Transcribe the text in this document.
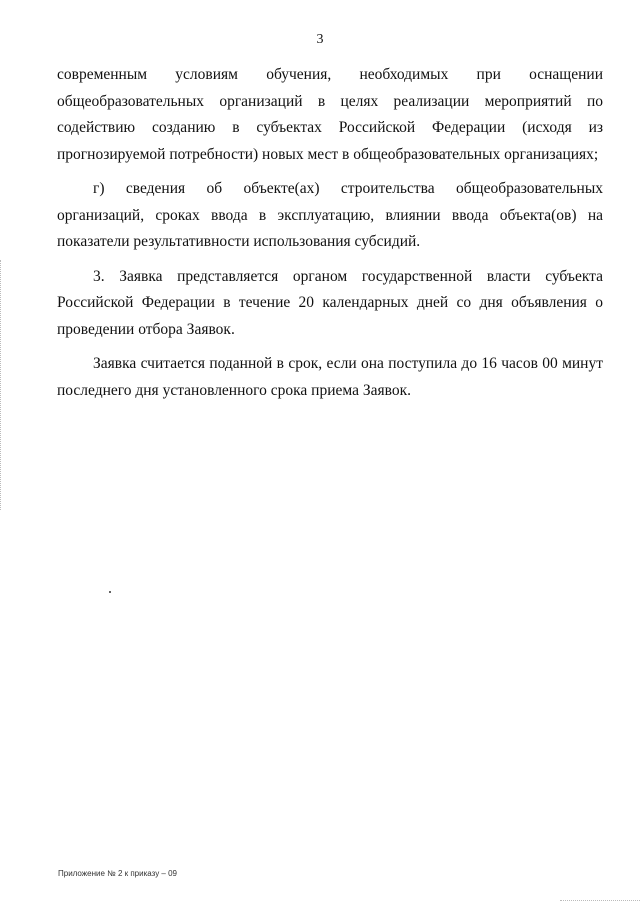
3

современным условиям обучения, необходимых при оснащении общеобразовательных организаций в целях реализации мероприятий по содействию созданию в субъектах Российской Федерации (исходя из прогнозируемой потребности) новых мест в общеобразовательных организациях;

г) сведения об объекте(ах) строительства общеобразовательных организаций, сроках ввода в эксплуатацию, влиянии ввода объекта(ов) на показатели результативности использования субсидий.

3. Заявка представляется органом государственной власти субъекта Российской Федерации в течение 20 календарных дней со дня объявления о проведении отбора Заявок.

Заявка считается поданной в срок, если она поступила до 16 часов 00 минут последнего дня установленного срока приема Заявок.

Приложение № 2 к приказу – 09
